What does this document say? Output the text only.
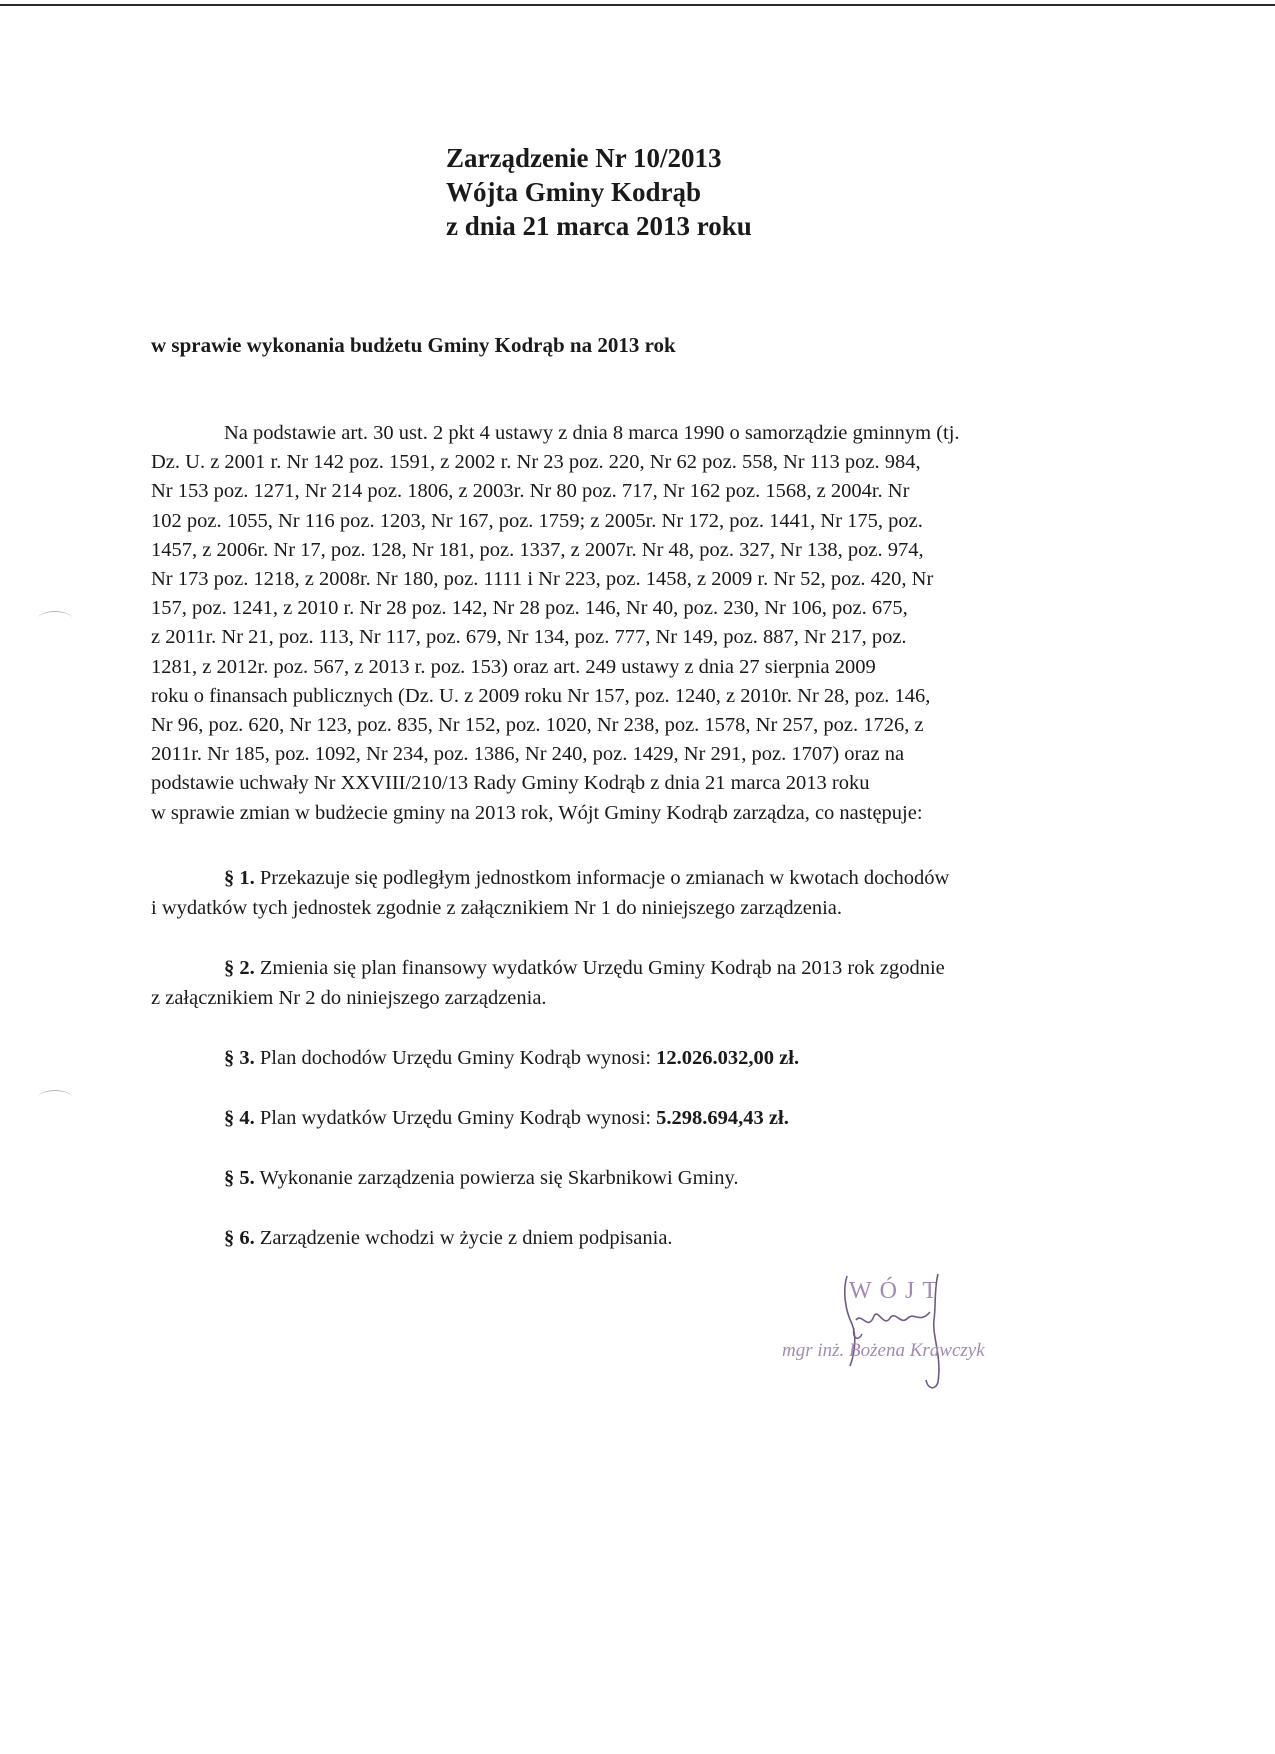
Zarządzenie Nr 10/2013
Wójta Gminy Kodrąb
z dnia 21 marca 2013 roku
w sprawie wykonania budżetu Gminy Kodrąb na 2013 rok
Na podstawie art. 30 ust. 2 pkt 4 ustawy z dnia 8 marca 1990 o samorządzie gminnym (tj.
Dz. U. z 2001 r. Nr 142 poz. 1591, z 2002 r. Nr 23 poz. 220, Nr 62 poz. 558, Nr 113 poz. 984,
Nr 153 poz. 1271, Nr 214 poz. 1806, z 2003r. Nr 80 poz. 717, Nr 162 poz. 1568, z 2004r. Nr
102 poz. 1055, Nr 116 poz. 1203, Nr 167, poz. 1759; z 2005r. Nr 172, poz. 1441, Nr 175, poz.
1457, z 2006r. Nr 17, poz. 128, Nr 181, poz. 1337, z 2007r. Nr 48, poz. 327, Nr 138, poz. 974,
Nr 173 poz. 1218, z 2008r. Nr 180, poz. 1111 i Nr 223, poz. 1458, z 2009 r. Nr 52, poz. 420, Nr
157, poz. 1241, z 2010 r. Nr 28 poz. 142, Nr 28 poz. 146, Nr 40, poz. 230, Nr 106, poz. 675,
z 2011r. Nr 21, poz. 113, Nr 117, poz. 679, Nr 134, poz. 777, Nr 149, poz. 887, Nr 217, poz.
1281, z 2012r. poz. 567, z 2013 r. poz. 153) oraz art. 249 ustawy z dnia 27 sierpnia 2009
roku o finansach publicznych (Dz. U. z 2009 roku Nr 157, poz. 1240, z 2010r. Nr 28, poz. 146,
Nr 96, poz. 620, Nr 123, poz. 835, Nr 152, poz. 1020, Nr 238, poz. 1578, Nr 257, poz. 1726, z
2011r. Nr 185, poz. 1092, Nr 234, poz. 1386, Nr 240, poz. 1429, Nr 291, poz. 1707) oraz na
podstawie uchwały Nr XXVIII/210/13 Rady Gminy Kodrąb z dnia 21 marca 2013 roku
w sprawie zmian w budżecie gminy na 2013 rok, Wójt Gminy Kodrąb zarządza, co następuje:
§ 1. Przekazuje się podległym jednostkom informacje o zmianach w kwotach dochodów
i wydatków tych jednostek zgodnie z załącznikiem Nr 1 do niniejszego zarządzenia.
§ 2. Zmienia się plan finansowy wydatków Urzędu Gminy Kodrąb na 2013 rok zgodnie
z załącznikiem Nr 2 do niniejszego zarządzenia.
§ 3. Plan dochodów Urzędu Gminy Kodrąb wynosi: 12.026.032,00 zł.
§ 4. Plan wydatków Urzędu Gminy Kodrąb wynosi: 5.298.694,43 zł.
§ 5. Wykonanie zarządzenia powierza się Skarbnikowi Gminy.
§ 6. Zarządzenie wchodzi w życie z dniem podpisania.
WÓJT
mgr inż. Bożena Krawczyk
